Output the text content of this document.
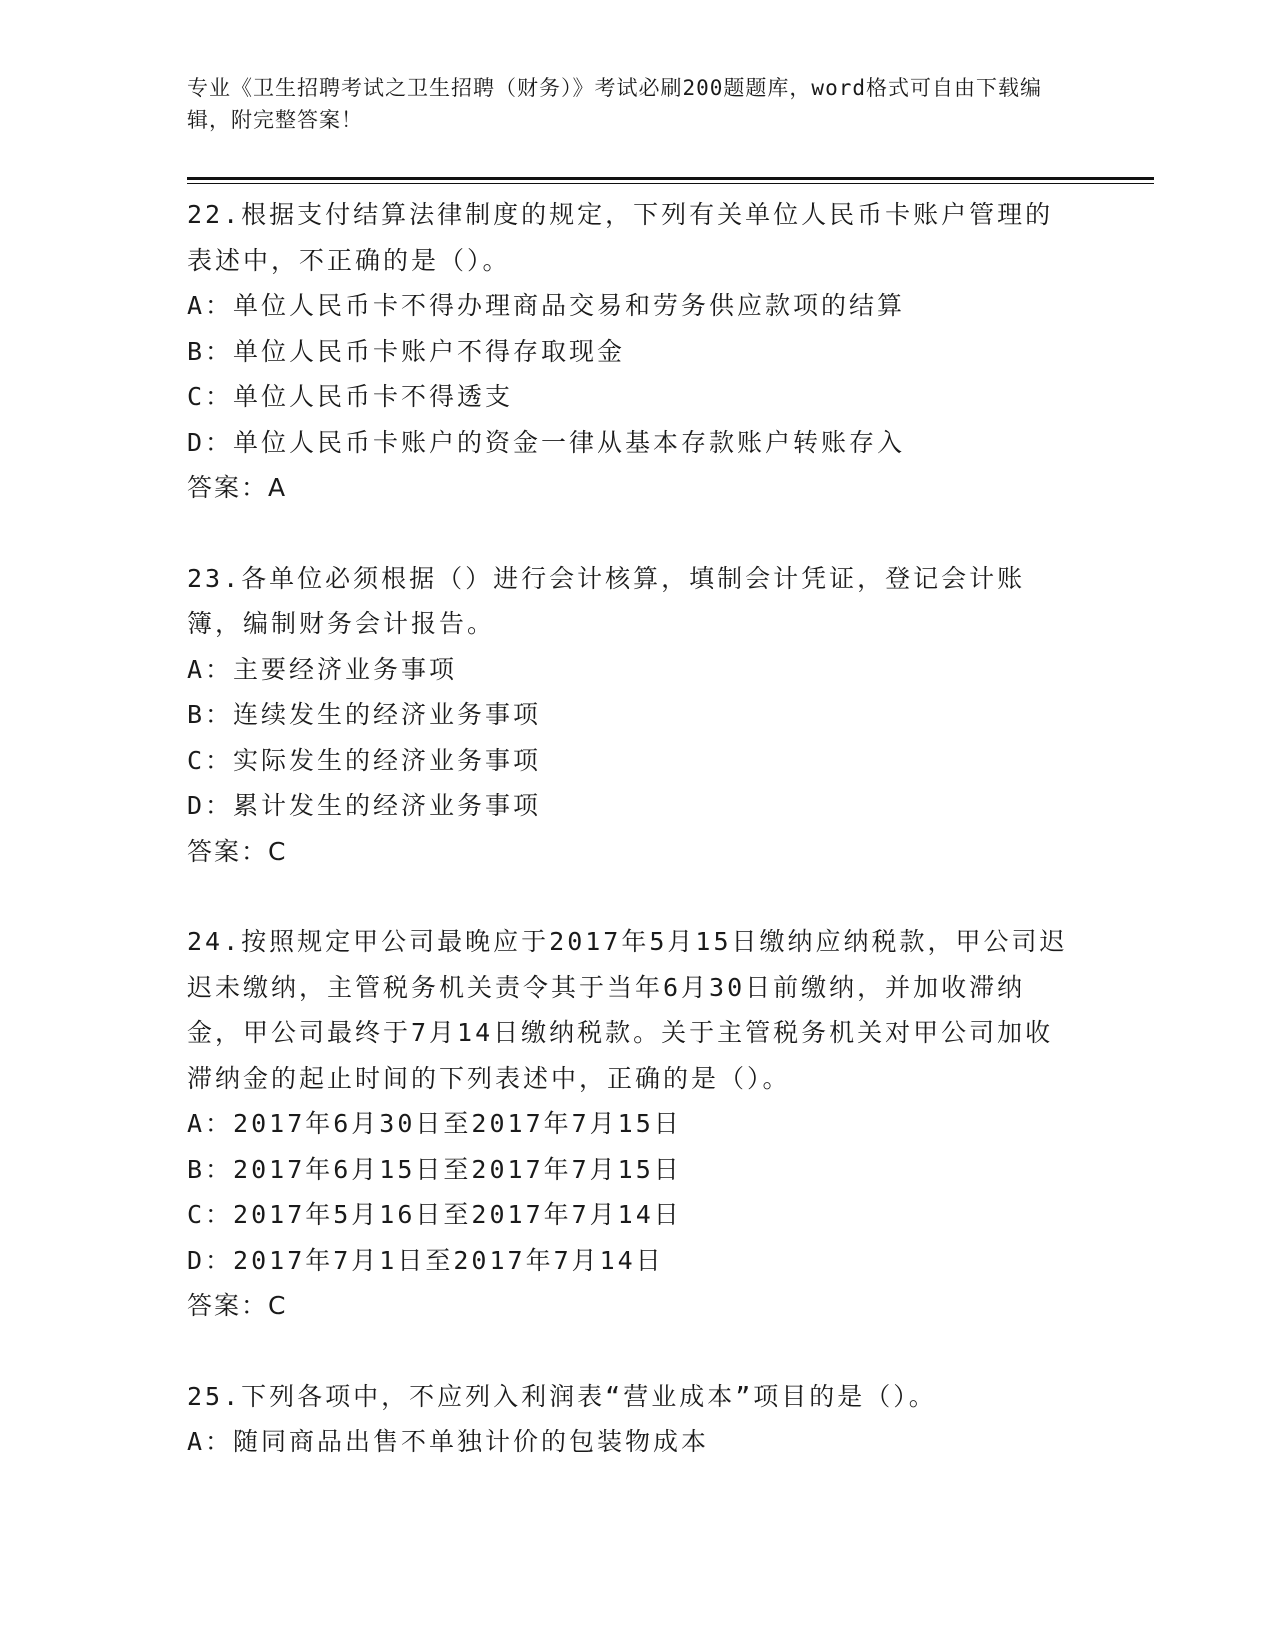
专业《卫生招聘考试之卫生招聘（财务）》考试必刷200题题库，word格式可自由下载编辑，附完整答案！
22.根据支付结算法律制度的规定，下列有关单位人民币卡账户管理的表述中，不正确的是（）。
A：单位人民币卡不得办理商品交易和劳务供应款项的结算
B：单位人民币卡账户不得存取现金
C：单位人民币卡不得透支
D：单位人民币卡账户的资金一律从基本存款账户转账存入
答案：A
23.各单位必须根据（）进行会计核算，填制会计凭证，登记会计账簿，编制财务会计报告。
A：主要经济业务事项
B：连续发生的经济业务事项
C：实际发生的经济业务事项
D：累计发生的经济业务事项
答案：C
24.按照规定甲公司最晚应于2017年5月15日缴纳应纳税款，甲公司迟迟未缴纳，主管税务机关责令其于当年6月30日前缴纳，并加收滞纳金，甲公司最终于7月14日缴纳税款。关于主管税务机关对甲公司加收滞纳金的起止时间的下列表述中，正确的是（）。
A：2017年6月30日至2017年7月15日
B：2017年6月15日至2017年7月15日
C：2017年5月16日至2017年7月14日
D：2017年7月1日至2017年7月14日
答案：C
25.下列各项中，不应列入利润表“营业成本”项目的是（）。
A：随同商品出售不单独计价的包装物成本
